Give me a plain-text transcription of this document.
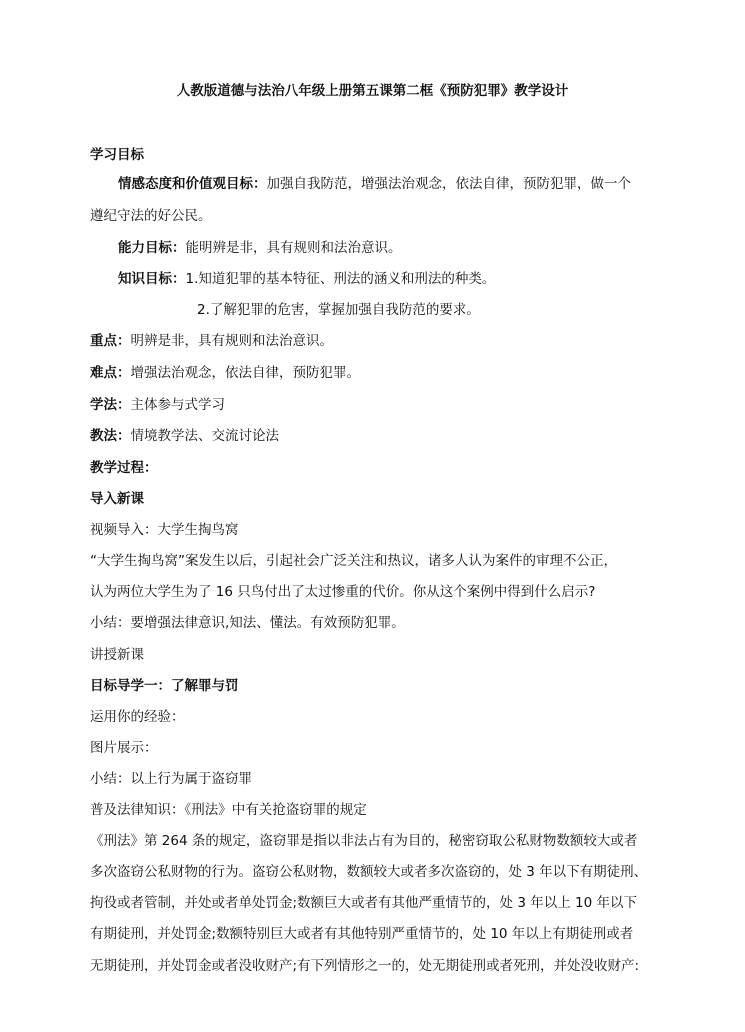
人教版道德与法治八年级上册第五课第二框《预防犯罪》教学设计
学习目标
情感态度和价值观目标：加强自我防范，增强法治观念，依法自律，预防犯罪，做一个
遵纪守法的好公民。
能力目标：能明辨是非，具有规则和法治意识。
知识目标：1.知道犯罪的基本特征、刑法的涵义和刑法的种类。
2.了解犯罪的危害，掌握加强自我防范的要求。
重点：明辨是非，具有规则和法治意识。
难点：增强法治观念，依法自律，预防犯罪。
学法：主体参与式学习
教法：情境教学法、交流讨论法
教学过程：
导入新课
视频导入：大学生掏鸟窝
“大学生掏鸟窝”案发生以后，引起社会广泛关注和热议，诸多人认为案件的审理不公正，
认为两位大学生为了 16 只鸟付出了太过惨重的代价。你从这个案例中得到什么启示?
小结：要增强法律意识,知法、懂法。有效预防犯罪。
讲授新课
目标导学一：了解罪与罚
运用你的经验：
图片展示：
小结：以上行为属于盗窃罪
普及法律知识：《刑法》中有关抢盗窃罪的规定
《刑法》第 264 条的规定，盗窃罪是指以非法占有为目的，秘密窃取公私财物数额较大或者
多次盗窃公私财物的行为。盗窃公私财物，数额较大或者多次盗窃的，处 3 年以下有期徒刑、
拘役或者管制，并处或者单处罚金;数额巨大或者有其他严重情节的，处 3 年以上 10 年以下
有期徒刑，并处罚金;数额特别巨大或者有其他特别严重情节的，处 10 年以上有期徒刑或者
无期徒刑，并处罚金或者没收财产;有下列情形之一的，处无期徒刑或者死刑，并处没收财产:
